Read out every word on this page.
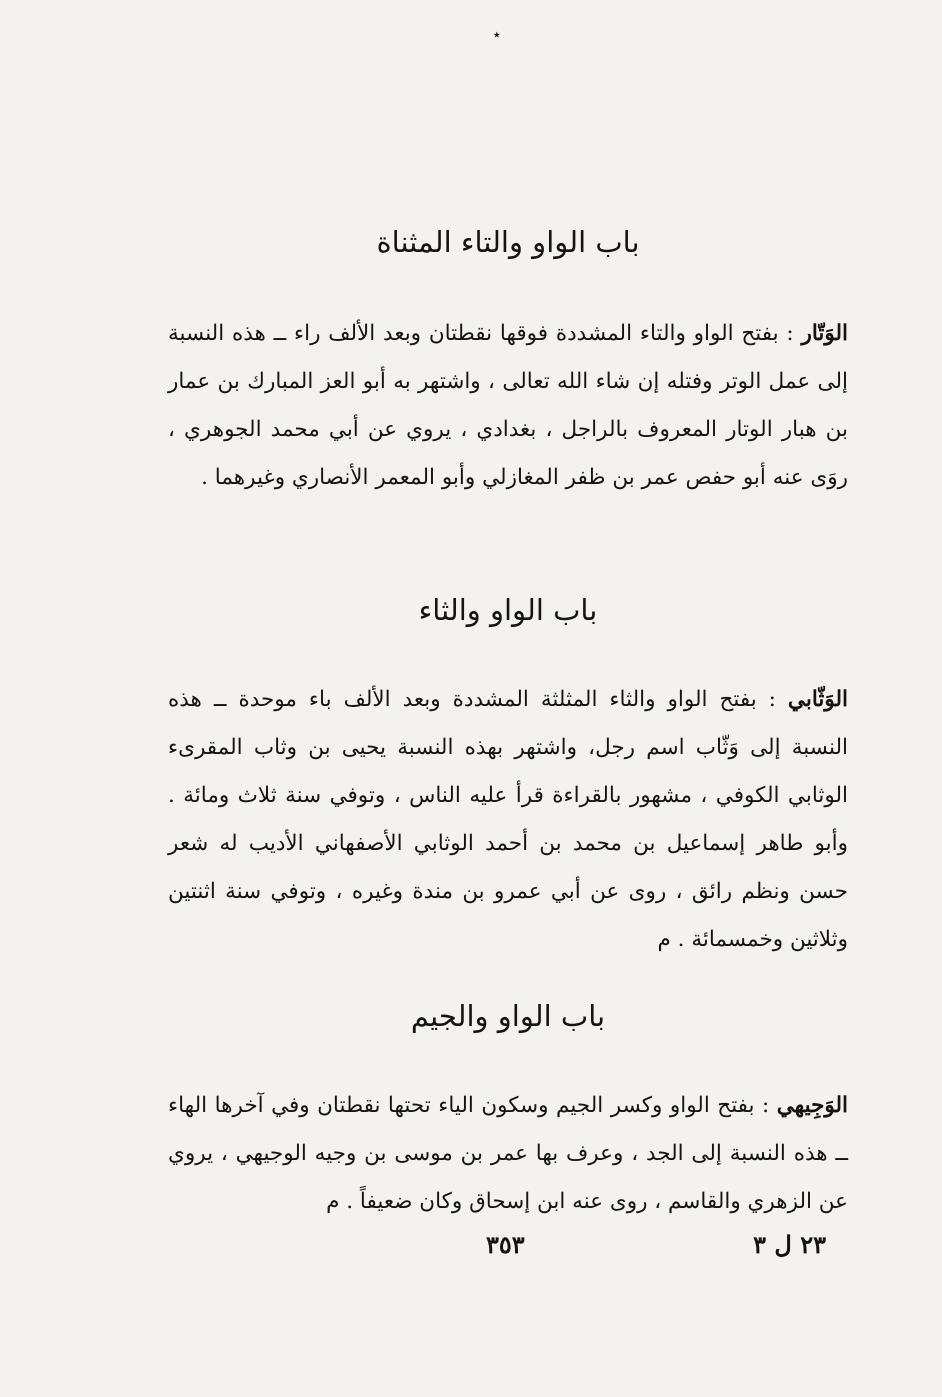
٭
باب الواو والتاء المثناة

الوَتّار : بفتح الواو والتاء المشددة فوقها نقطتان وبعد الألف راء ــ هذه النسبة إلى عمل الوتر وفتله إن شاء الله تعالى ، واشتهر به أبو العز المبارك بن عمار بن هبار الوتار المعروف بالراجل ، بغدادي ، يروي عن أبي محمد الجوهري ، روَى عنه أبو حفص عمر بن ظفر المغازلي وأبو المعمر الأنصاري وغيرهما .

باب الواو والثاء

الوَثّابي : بفتح الواو والثاء المثلثة المشددة وبعد الألف باء موحدة ــ هذه النسبة إلى وَثّاب اسم رجل، واشتهر بهذه النسبة يحيى بن وثاب المقرىء الوثابي الكوفي ، مشهور بالقراءة قرأ عليه الناس ، وتوفي سنة ثلاث ومائة . وأبو طاهر إسماعيل بن محمد بن أحمد الوثابي الأصفهاني الأديب له شعر حسن ونظم رائق ، روى عن أبي عمرو بن مندة وغيره ، وتوفي سنة اثنتين وثلاثين وخمسمائة . م

باب الواو والجيم

الوَجِيهي : بفتح الواو وكسر الجيم وسكون الياء تحتها نقطتان وفي آخرها الهاء ــ هذه النسبة إلى الجد ، وعرف بها عمر بن موسى بن وجيه الوجيهي ، يروي عن الزهري والقاسم ، روى عنه ابن إسحاق وكان ضعيفاً . م

٢٣ ل ٣
٣٥٣
